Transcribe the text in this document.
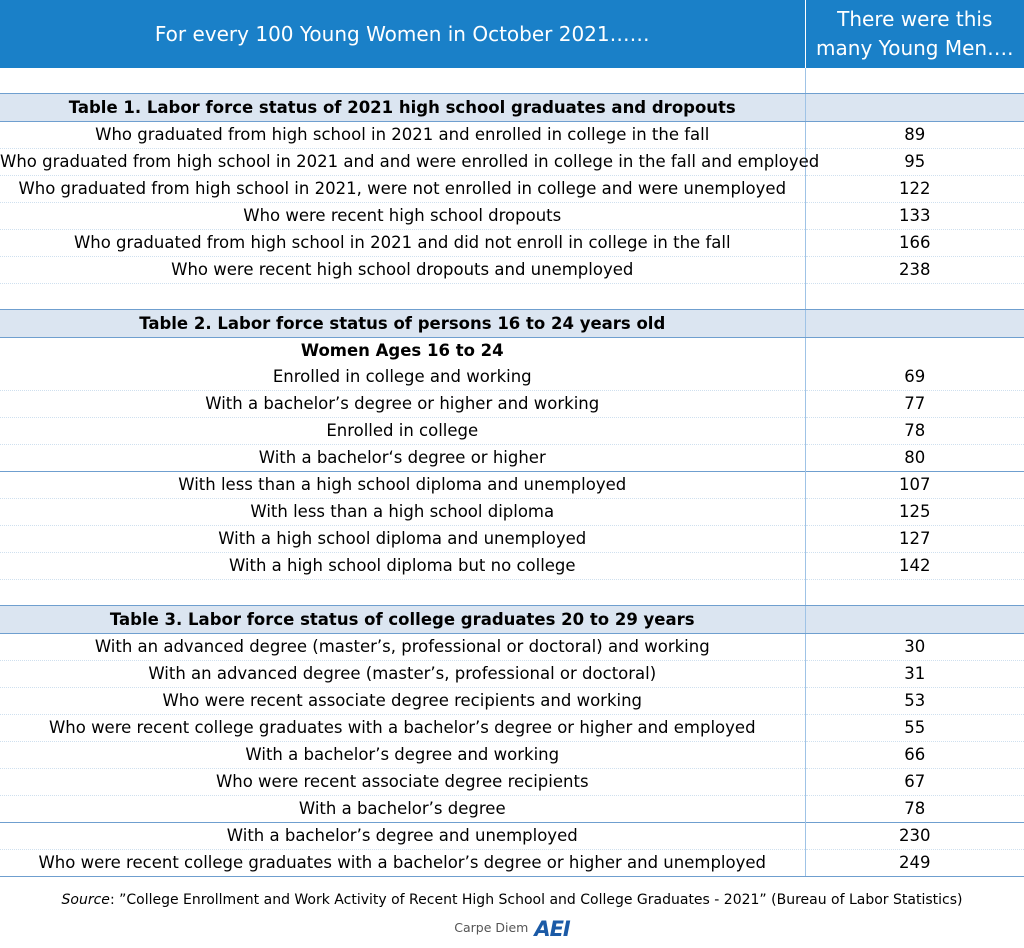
For every 100 Young Women in October 2021……	There were this
many Young Men….

Table 1. Labor force status of 2021 high school graduates and dropouts	
Who graduated from high school in 2021 and enrolled in college in the fall	89
Who graduated from high school in 2021 and and were enrolled in college in the fall and employed	95
Who graduated from high school in 2021, were not enrolled in college and were unemployed	122
Who were recent high school dropouts	133
Who graduated from high school in 2021 and did not enroll in college in the fall	166
Who were recent high school dropouts and unemployed	238

Table 2. Labor force status of persons 16 to 24 years old	
Women Ages 16 to 24	
Enrolled in college and working	69
With a bachelor’s degree or higher and working	77
Enrolled in college	78
With a bachelor‘s degree or higher	80
With less than a high school diploma and unemployed	107
With less than a high school diploma	125
With a high school diploma and unemployed	127
With a high school diploma but no college	142

Table 3. Labor force status of college graduates 20 to 29 years	
With an advanced degree (master’s, professional or doctoral) and working	30
With an advanced degree (master’s, professional or doctoral)	31
Who were recent associate degree recipients and working	53
Who were recent college graduates with a bachelor’s degree or higher and employed	55
With a bachelor’s degree and working	66
Who were recent associate degree recipients	67
With a bachelor’s degree	78
With a bachelor’s degree and unemployed	230
Who were recent college graduates with a bachelor’s degree or higher and unemployed	249
Source: ”College Enrollment and Work Activity of Recent High School and College Graduates - 2021” (Bureau of Labor Statistics)
Carpe Diem AEI
